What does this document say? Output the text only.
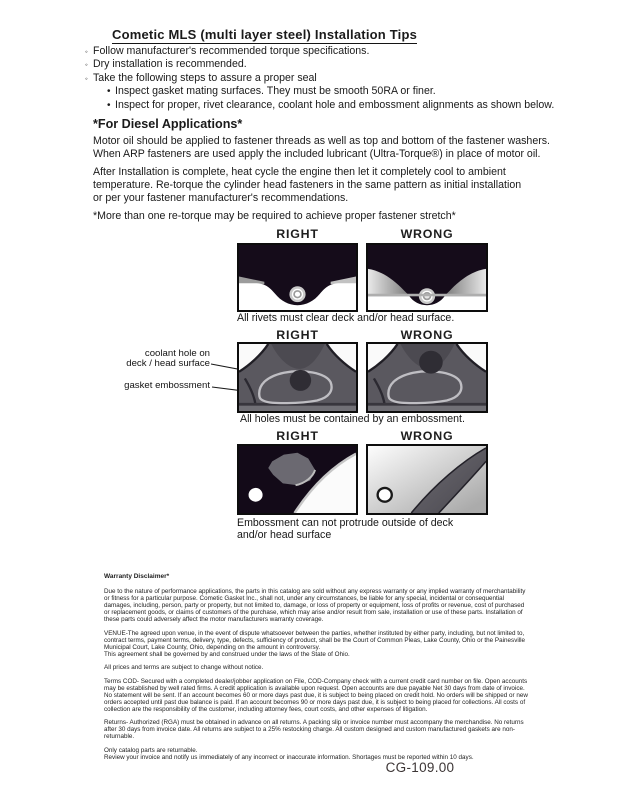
Cometic MLS (multi layer steel) Installation Tips
◦ Follow manufacturer's recommended torque specifications.
◦ Dry installation is recommended.
◦ Take the following steps to assure a proper seal
• Inspect gasket mating surfaces. They must be smooth 50RA or finer.
• Inspect for proper, rivet clearance, coolant hole and embossment alignments as shown below.
*For Diesel Applications*
Motor oil should be applied to fastener threads as well as top and bottom of the fastener washers.
When ARP fasteners are used apply the included lubricant (Ultra-Torque®) in place of motor oil.
After Installation is complete, heat cycle the engine then let it completely cool to ambient
temperature. Re-torque the cylinder head fasteners in the same pattern as initial installation
or per your fastener manufacturer's recommendations.
*More than one re-torque may be required to achieve proper fastener stretch*
RIGHT	WRONG
All rivets must clear deck and/or head surface.
coolant hole on
deck / head surface
gasket embossment
RIGHT	WRONG
All holes must be contained by an embossment.
RIGHT	WRONG
Embossment can not protrude outside of deck
and/or head surface
Warranty Disclaimer*

Due to the nature of performance applications, the parts in this catalog are sold without any express warranty or any implied warranty of merchantability or fitness for a particular purpose. Cometic Gasket Inc., shall not, under any circumstances, be liable for any special, incidental or consequential damages, including, person, party or property, but not limited to, damage, or loss of property or equipment, loss of profits or revenue, cost of purchased or replacement goods, or claims of customers of the purchase, which may arise and/or result from sale, installation or use of these parts. Installation of these parts could adversely affect the motor manufacturers warranty coverage.

VENUE-The agreed upon venue, in the event of dispute whatsoever between the parties, whether instituted by either party, including, but not limited to, contract terms, payment terms, delivery, type, defects, sufficiency of product, shall be the Court of Common Pleas, Lake County, Ohio or the Painesville Municipal Court, Lake County, Ohio, depending on the amount in controversy.

This agreement shall be governed by and construed under the laws of the State of Ohio.

All prices and terms are subject to change without notice.

Terms COD- Secured with a completed dealer/jobber application on File, COD-Company check with a current credit card number on file. Open accounts may be established by well rated firms. A credit application is available upon request. Open accounts are due payable Net 30 days from date of invoice. No statement will be sent. If an account becomes 60 or more days past due, it is subject to being placed on credit hold. No orders will be shipped or new orders accepted until past due balance is paid. If an account becomes 90 or more days past due, it is subject to being placed for collections. All costs of collection are the responsibility of the customer, including attorney fees, court costs, and other expenses of litigation.

Returns- Authorized (RGA) must be obtained in advance on all returns. A packing slip or invoice number must accompany the merchandise. No returns after 30 days from invoice date. All returns are subject to a 25% restocking charge. All custom designed and custom manufactured gaskets are non-returnable.

Only catalog parts are returnable.

Review your invoice and notify us immediately of any incorrect or inaccurate information. Shortages must be reported within 10 days.

CG-109.00
